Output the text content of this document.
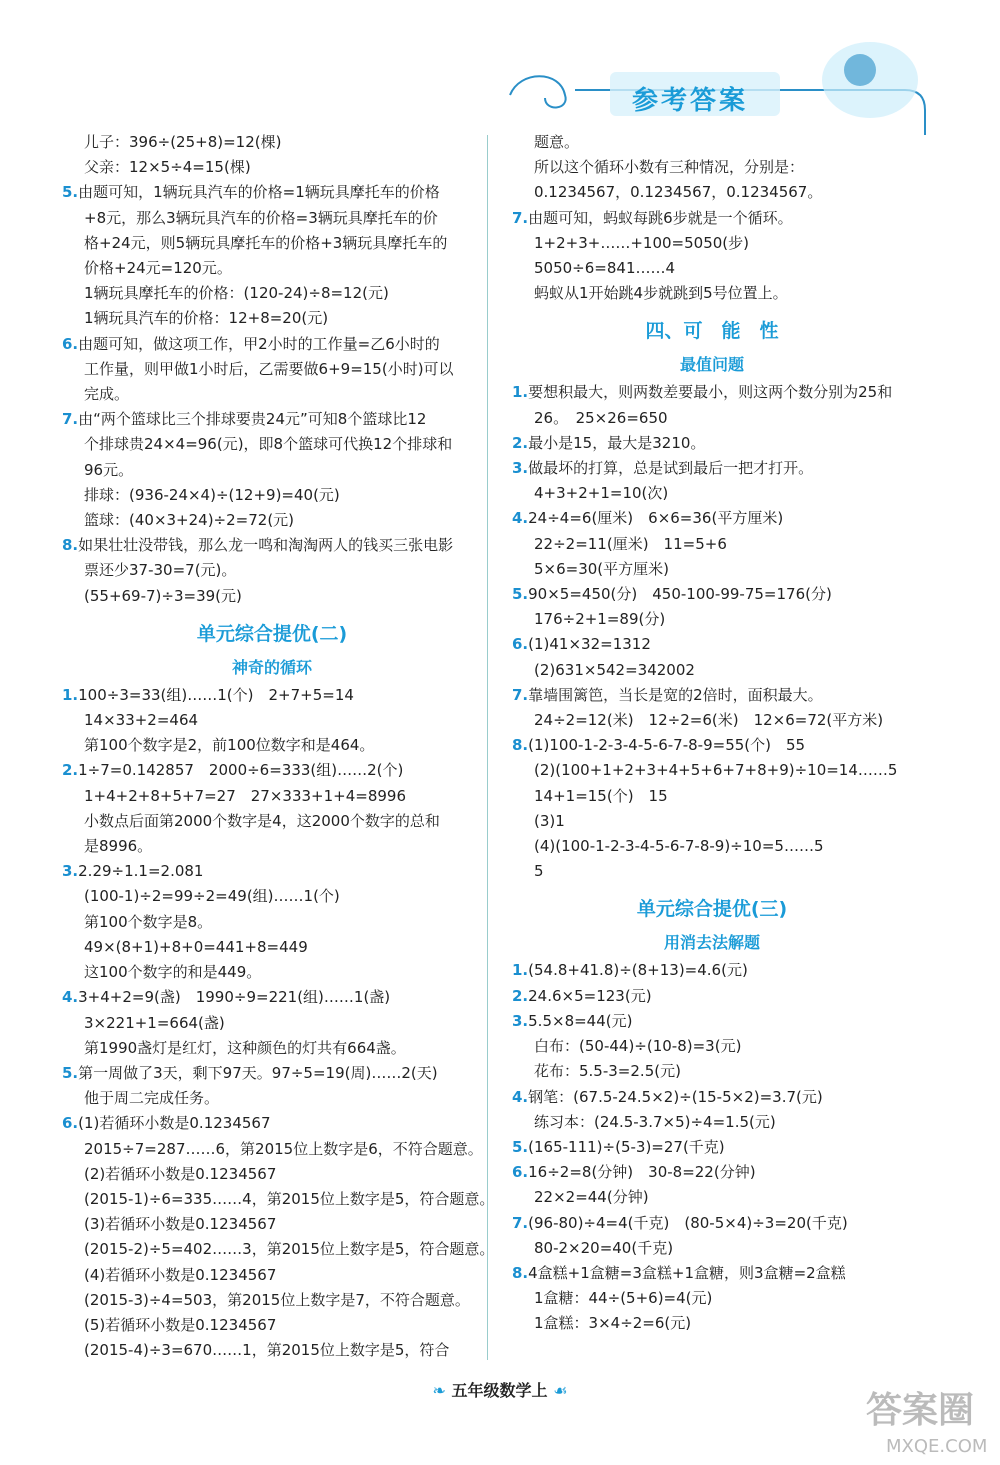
参考答案
儿子：396÷(25+8)=12(棵)
父亲：12×5÷4=15(棵)
5.由题可知，1辆玩具汽车的价格=1辆玩具摩托车的价格
+8元，那么3辆玩具汽车的价格=3辆玩具摩托车的价
格+24元，则5辆玩具摩托车的价格+3辆玩具摩托车的
价格+24元=120元。
1辆玩具摩托车的价格：(120-24)÷8=12(元)
1辆玩具汽车的价格：12+8=20(元)
6.由题可知，做这项工作，甲2小时的工作量=乙6小时的
工作量，则甲做1小时后，乙需要做6+9=15(小时)可以
完成。
7.由“两个篮球比三个排球要贵24元”可知8个篮球比12
个排球贵24×4=96(元)，即8个篮球可代换12个排球和
96元。
排球：(936-24×4)÷(12+9)=40(元)
篮球：(40×3+24)÷2=72(元)
8.如果壮壮没带钱，那么龙一鸣和淘淘两人的钱买三张电影
票还少37-30=7(元)。
(55+69-7)÷3=39(元)
单元综合提优(二)
神奇的循环
1.100÷3=33(组)……1(个)　2+7+5=14
14×33+2=464
第100个数字是2，前100位数字和是464。
2.1÷7=0.142857　2000÷6=333(组)……2(个)
1+4+2+8+5+7=27　27×333+1+4=8996
小数点后面第2000个数字是4，这2000个数字的总和
是8996。
3.2.29÷1.1=2.081
(100-1)÷2=99÷2=49(组)……1(个)
第100个数字是8。
49×(8+1)+8+0=441+8=449
这100个数字的和是449。
4.3+4+2=9(盏)　1990÷9=221(组)……1(盏)
3×221+1=664(盏)
第1990盏灯是红灯，这种颜色的灯共有664盏。
5.第一周做了3天，剩下97天。97÷5=19(周)……2(天)
他于周二完成任务。
6.(1)若循环小数是0.1234567
2015÷7=287……6，第2015位上数字是6，不符合题意。
(2)若循环小数是0.1234567
(2015-1)÷6=335……4，第2015位上数字是5，符合题意。
(3)若循环小数是0.1234567
(2015-2)÷5=402……3，第2015位上数字是5，符合题意。
(4)若循环小数是0.1234567
(2015-3)÷4=503，第2015位上数字是7，不符合题意。
(5)若循环小数是0.1234567
(2015-4)÷3=670……1，第2015位上数字是5，符合
题意。
所以这个循环小数有三种情况，分别是：
0.1234567，0.1234567，0.1234567。
7.由题可知，蚂蚁每跳6步就是一个循环。
1+2+3+……+100=5050(步)
5050÷6=841……4
蚂蚁从1开始跳4步就跳到5号位置上。
四、可　能　性
最值问题
1.要想积最大，则两数差要最小，则这两个数分别为25和
26。　25×26=650
2.最小是15，最大是3210。
3.做最坏的打算，总是试到最后一把才打开。
4+3+2+1=10(次)
4.24÷4=6(厘米)　6×6=36(平方厘米)
22÷2=11(厘米)　11=5+6
5×6=30(平方厘米)
5.90×5=450(分)　450-100-99-75=176(分)
176÷2+1=89(分)
6.(1)41×32=1312
(2)631×542=342002
7.靠墙围篱笆，当长是宽的2倍时，面积最大。
24÷2=12(米)　12÷2=6(米)　12×6=72(平方米)
8.(1)100-1-2-3-4-5-6-7-8-9=55(个)　55
(2)(100+1+2+3+4+5+6+7+8+9)÷10=14……5
14+1=15(个)　15
(3)1
(4)(100-1-2-3-4-5-6-7-8-9)÷10=5……5
5
单元综合提优(三)
用消去法解题
1.(54.8+41.8)÷(8+13)=4.6(元)
2.24.6×5=123(元)
3.5.5×8=44(元)
白布：(50-44)÷(10-8)=3(元)
花布：5.5-3=2.5(元)
4.钢笔：(67.5-24.5×2)÷(15-5×2)=3.7(元)
练习本：(24.5-3.7×5)÷4=1.5(元)
5.(165-111)÷(5-3)=27(千克)
6.16÷2=8(分钟)　30-8=22(分钟)
22×2=44(分钟)
7.(96-80)÷4=4(千克)　(80-5×4)÷3=20(千克)
80-2×20=40(千克)
8.4盒糕+1盒糖=3盒糕+1盒糖，则3盒糖=2盒糕
1盒糖：44÷(5+6)=4(元)
1盒糕：3×4÷2=6(元)
❧ 五年级数学上 ☙	答案圈
MXQE.COM
